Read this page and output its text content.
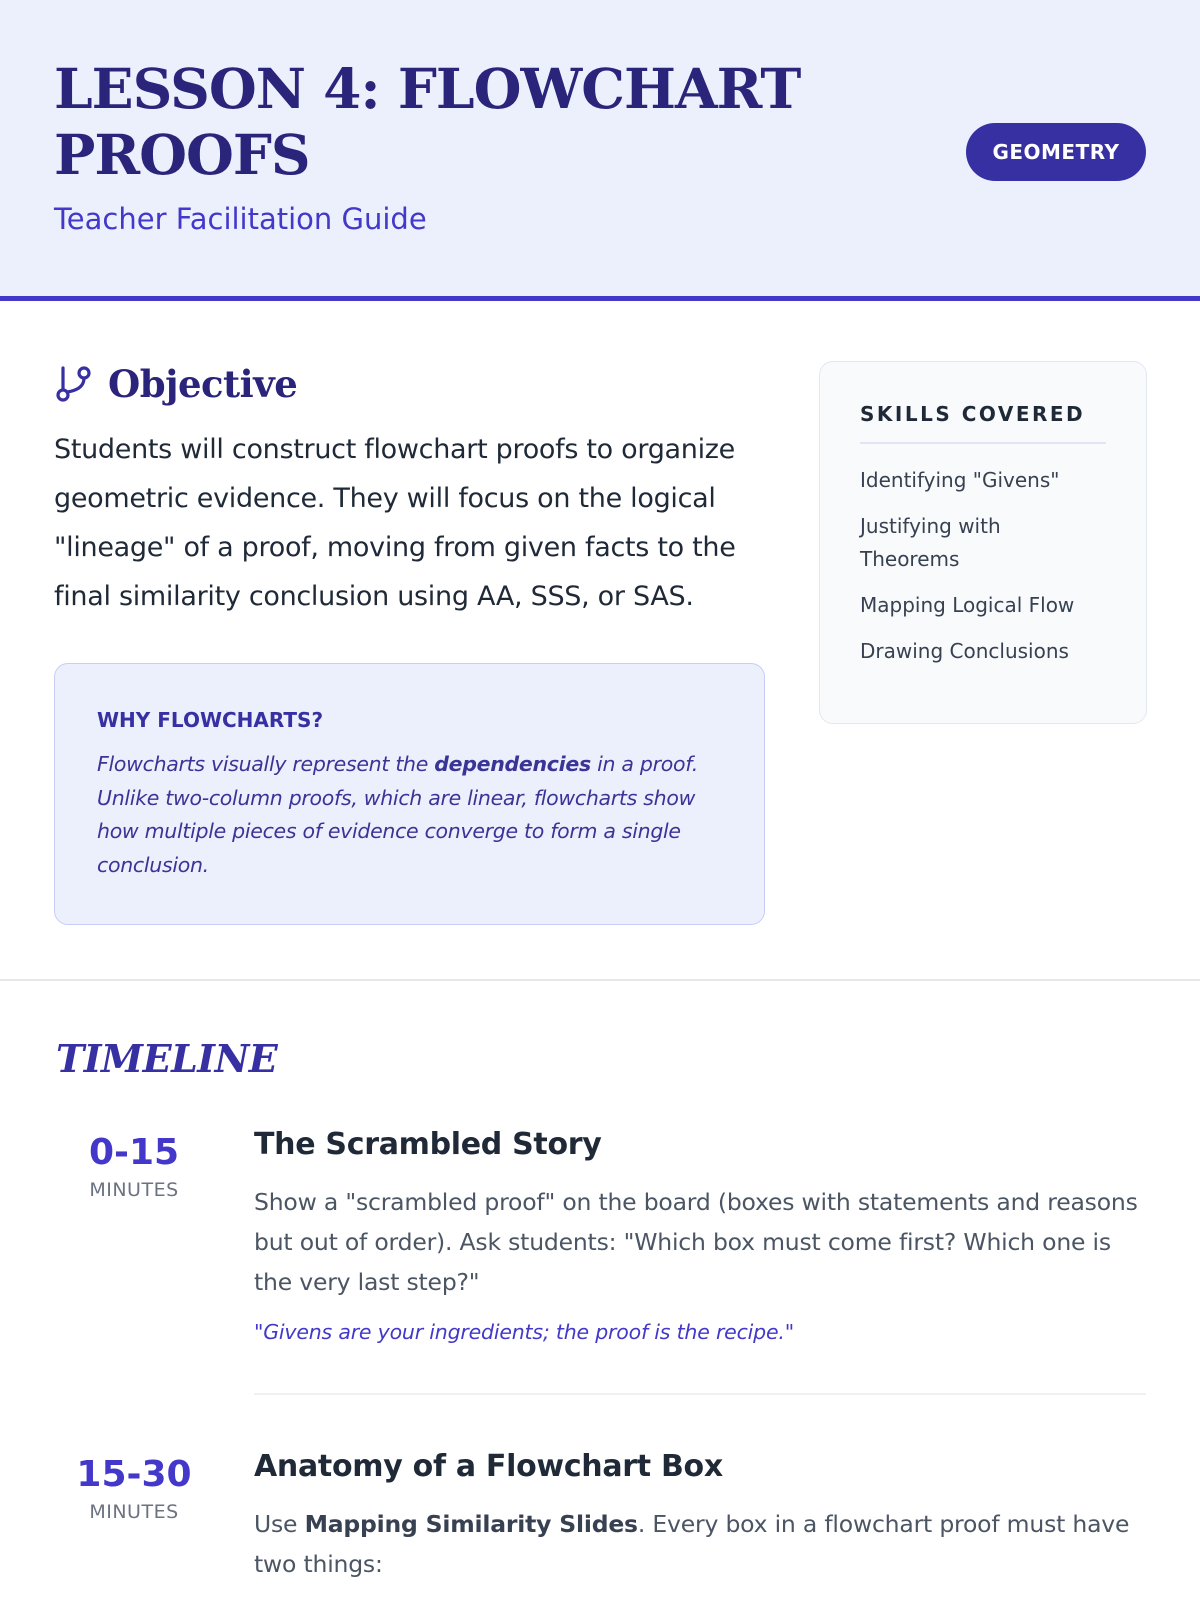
LESSON 4: FLOWCHART PROOFS
Teacher Facilitation Guide
GEOMETRY
Objective

Students will construct flowchart proofs to organize geometric evidence. They will focus on the logical "lineage" of a proof, moving from given facts to the final similarity conclusion using AA, SSS, or SAS.

WHY FLOWCHARTS?

Flowcharts visually represent the dependencies in a proof. Unlike two-column proofs, which are linear, flowcharts show how multiple pieces of evidence converge to form a single conclusion.

SKILLS COVERED
Identifying "Givens"
Justifying with Theorems
Mapping Logical Flow
Drawing Conclusions
TIMELINE
0-15
MINUTES
The Scrambled Story

Show a "scrambled proof" on the board (boxes with statements and reasons but out of order). Ask students: "Which box must come first? Which one is the very last step?"

"Givens are your ingredients; the proof is the recipe."

15-30
MINUTES
Anatomy of a Flowchart Box

Use Mapping Similarity Slides. Every box in a flowchart proof must have two things:
